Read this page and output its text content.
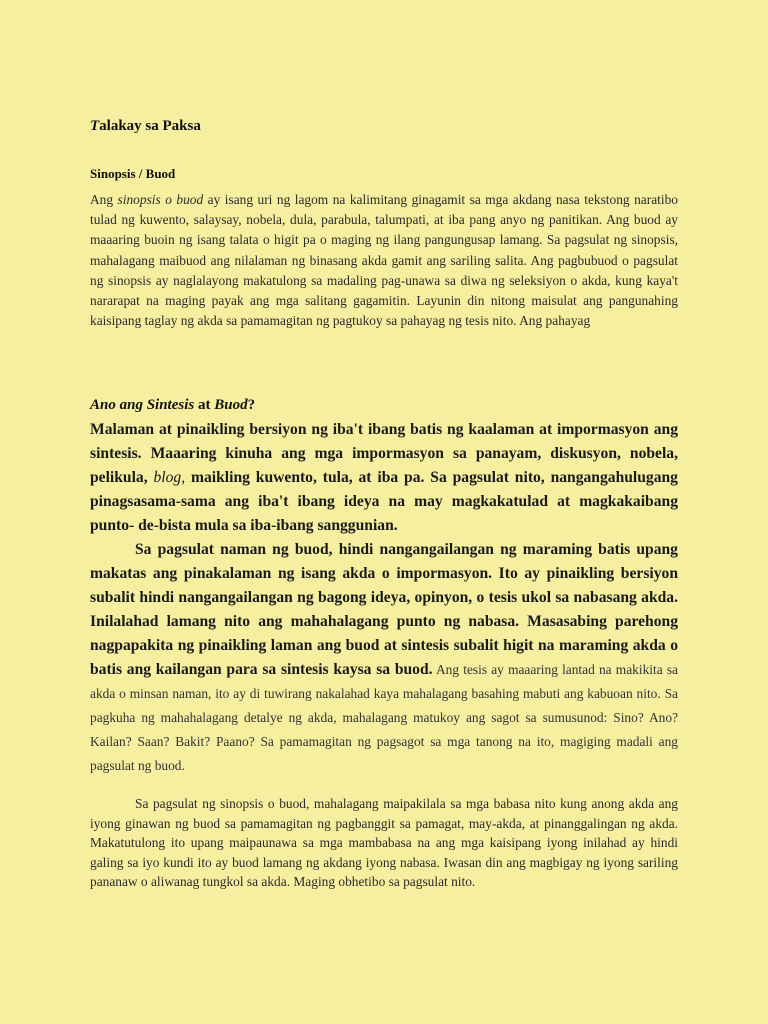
Talakay sa Paksa
Sinopsis / Buod
Ang sinopsis o buod ay isang uri ng lagom na kalimitang ginagamit sa mga akdang nasa tekstong naratibo tulad ng kuwento, salaysay, nobela, dula, parabula, talumpati, at iba pang anyo ng panitikan. Ang buod ay maaaring buoin ng isang talata o higit pa o maging ng ilang pangungusap lamang. Sa pagsulat ng sinopsis, mahalagang maibuod ang nilalaman ng binasang akda gamit ang sariling salita. Ang pagbubuod o pagsulat ng sinopsis ay naglalayong makatulong sa madaling pag-unawa sa diwa ng seleksiyon o akda, kung kaya't nararapat na maging payak ang mga salitang gagamitin. Layunin din nitong maisulat ang pangunahing kaisipang taglay ng akda sa pamamagitan ng pagtukoy sa pahayag ng tesis nito. Ang pahayag
Ano ang Sintesis at Buod?

Malaman at pinaikling bersiyon ng iba't ibang batis ng kaalaman at impormasyon ang sintesis. Maaaring kinuha ang mga impormasyon sa panayam, diskusyon, nobela, pelikula, blog, maikling kuwento, tula, at iba pa. Sa pagsulat nito, nangangahulugang pinagsasama-sama ang iba't ibang ideya na may magkakatulad at magkakaibang punto- de-bista mula sa iba-ibang sanggunian.

Sa pagsulat naman ng buod, hindi nangangailangan ng maraming batis upang makatas ang pinakalaman ng isang akda o impormasyon. Ito ay pinaikling bersiyon subalit hindi nangangailangan ng bagong ideya, opinyon, o tesis ukol sa nabasang akda. Inilalahad lamang nito ang mahahalagang punto ng nabasa. Masasabing parehong nagpapakita ng pinaikling laman ang buod at sintesis subalit higit na maraming akda o batis ang kailangan para sa sintesis kaysa sa buod. Ang tesis ay maaaring lantad na makikita sa akda o minsan naman, ito ay di tuwirang nakalahad kaya mahalagang basahing mabuti ang kabuoan nito. Sa pagkuha ng mahahalagang detalye ng akda, mahalagang matukoy ang sagot sa sumusunod: Sino? Ano? Kailan? Saan? Bakit? Paano? Sa pamamagitan ng pagsagot sa mga tanong na ito, magiging madali ang pagsulat ng buod.

Sa pagsulat ng sinopsis o buod, mahalagang maipakilala sa mga babasa nito kung anong akda ang iyong ginawan ng buod sa pamamagitan ng pagbanggit sa pamagat, may-akda, at pinanggalingan ng akda. Makatutulong ito upang maipaunawa sa mga mambabasa na ang mga kaisipang iyong inilahad ay hindi galing sa iyo kundi ito ay buod lamang ng akdang iyong nabasa. Iwasan din ang magbigay ng iyong sariling pananaw o aliwanag tungkol sa akda. Maging obhetibo sa pagsulat nito.
